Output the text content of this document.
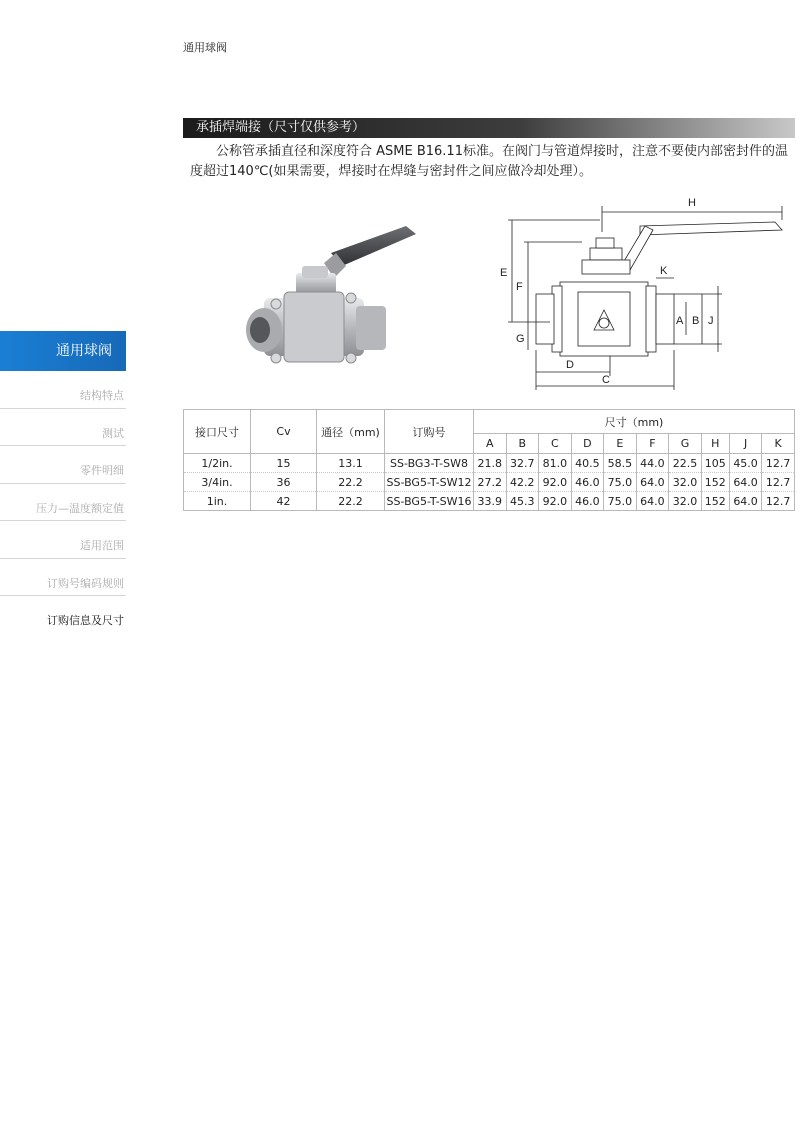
通用球阀
通用球阀
结构特点
测试
零件明细
压力—温度额定值
适用范围
订购号编码规则
订购信息及尺寸
承插焊端接（尺寸仅供参考）

公称管承插直径和深度符合 ASME B16.11标准。在阀门与管道焊接时，注意不要使内部密封件的温度超过140℃(如果需要，焊接时在焊缝与密封件之间应做冷却处理）。

H
K
E
F
G
A B J
D
C
接口尺寸	Cv	通径（mm)	订购号	尺寸（mm)									
				A	B	C	D	E	F	G	H	J	K
1/2in.	15	13.1	SS-BG3-T-SW8	21.8	32.7	81.0	40.5	58.5	44.0	22.5	105	45.0	12.7
3/4in.	36	22.2	SS-BG5-T-SW12	27.2	42.2	92.0	46.0	75.0	64.0	32.0	152	64.0	12.7
1in.	42	22.2	SS-BG5-T-SW16	33.9	45.3	92.0	46.0	75.0	64.0	32.0	152	64.0	12.7
